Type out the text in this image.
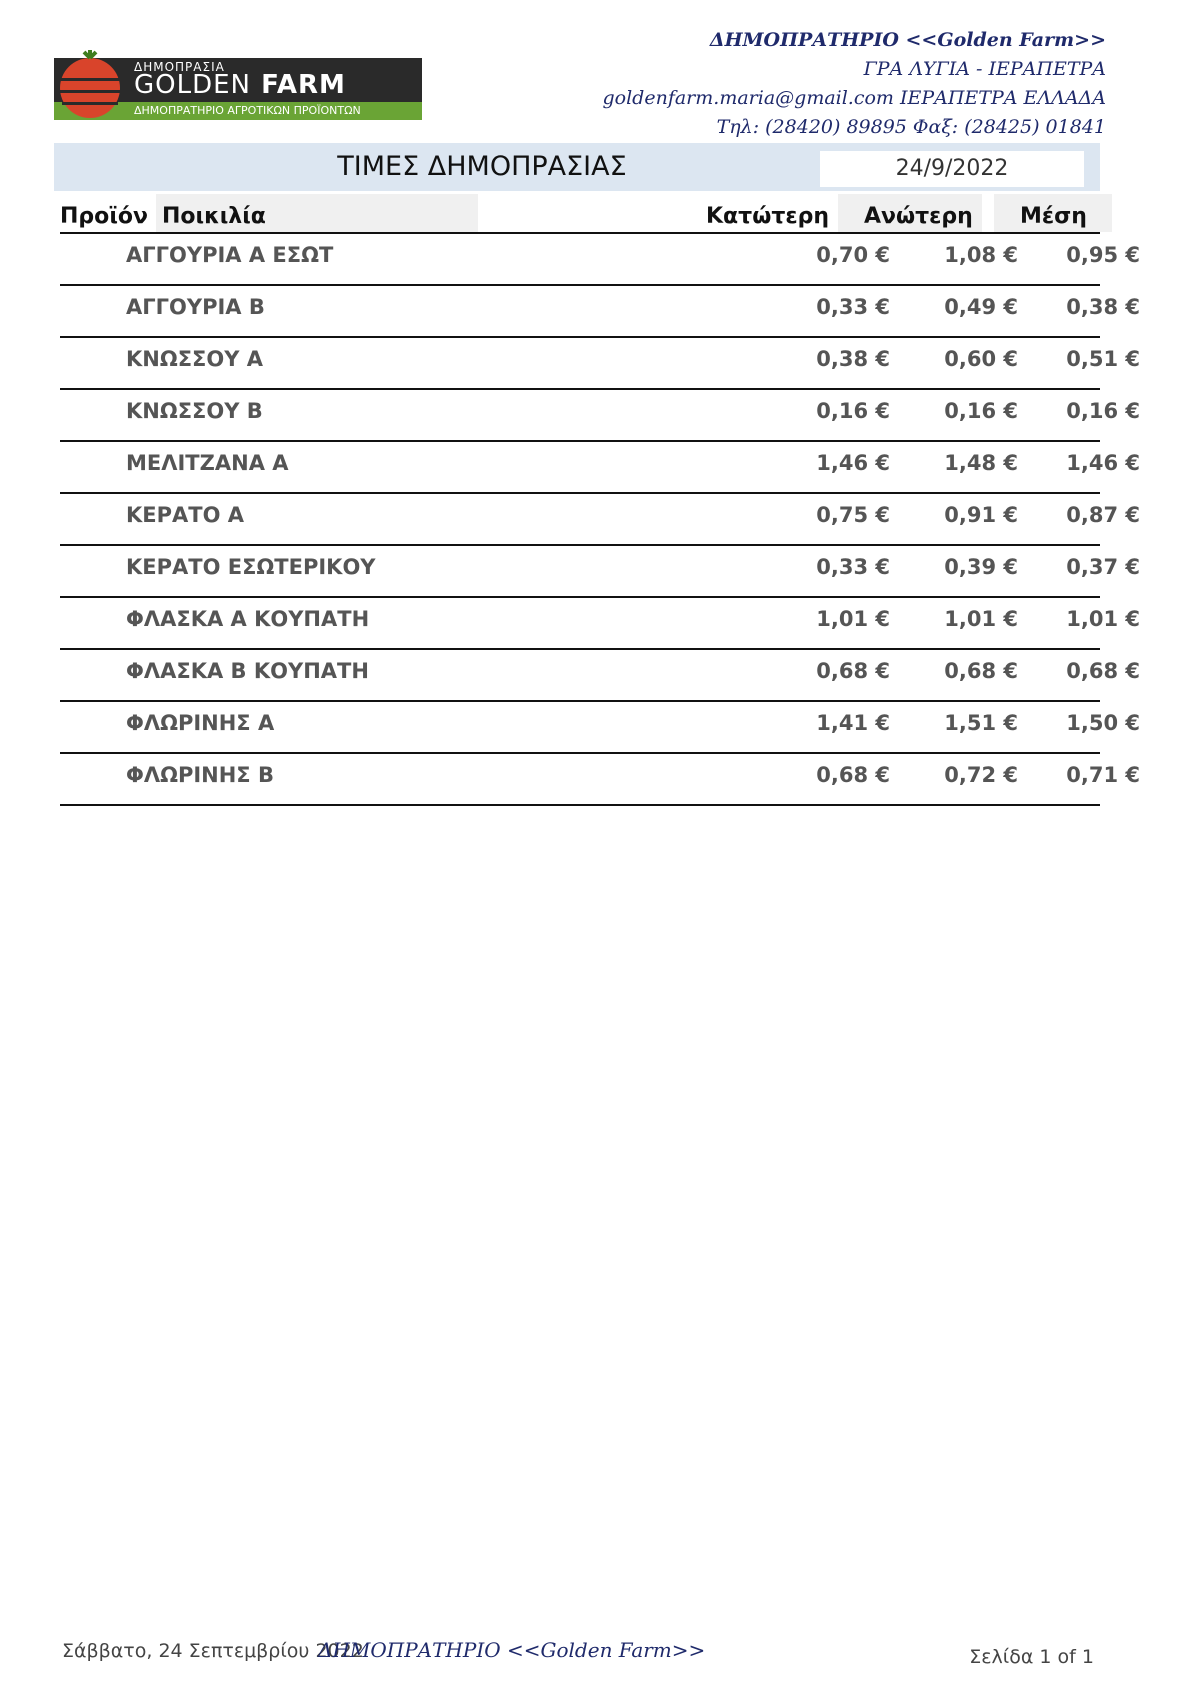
ΔΗΜΟΠΡΑΣΙΑ
GOLDEN FARM
ΔΗΜΟΠΡΑΤΗΡΙΟ ΑΓΡΟΤΙΚΩΝ ΠΡΟΪΟΝΤΩΝ
ΔΗΜΟΠΡΑΤΗΡΙΟ <<Golden Farm>>
ΓΡΑ ΛΥΓΙΑ - ΙΕΡΑΠΕΤΡΑ
goldenfarm.maria@gmail.com ΙΕΡΑΠΕΤΡΑ ΕΛΛΑΔΑ
Τηλ: (28420) 89895 Φαξ: (28425) 01841
ΤΙΜΕΣ ΔΗΜΟΠΡΑΣΙΑΣ	24/9/2022
Προϊόν Ποικιλία	Κατώτερη Ανώτερη Μέση
ΑΓΓΟΥΡΙΑ Α ΕΣΩΤ	0,70 €	1,08 €	0,95 €
ΑΓΓΟΥΡΙΑ Β	0,33 €	0,49 €	0,38 €
ΚΝΩΣΣΟΥ Α	0,38 €	0,60 €	0,51 €
ΚΝΩΣΣΟΥ Β	0,16 €	0,16 €	0,16 €
ΜΕΛΙΤΖΑΝΑ Α	1,46 €	1,48 €	1,46 €
ΚΕΡΑΤΟ Α	0,75 €	0,91 €	0,87 €
ΚΕΡΑΤΟ ΕΣΩΤΕΡΙΚΟΥ	0,33 €	0,39 €	0,37 €
ΦΛΑΣΚΑ Α ΚΟΥΠΑΤΗ	1,01 €	1,01 €	1,01 €
ΦΛΑΣΚΑ Β ΚΟΥΠΑΤΗ	0,68 €	0,68 €	0,68 €
ΦΛΩΡΙΝΗΣ Α	1,41 €	1,51 €	1,50 €
ΦΛΩΡΙΝΗΣ Β	0,68 €	0,72 €	0,71 €
Σάββατο, 24 Σεπτεμβρίου 2022
ΔΗΜΟΠΡΑΤΗΡΙΟ <<Golden Farm>>	Σελίδα 1 of 1
